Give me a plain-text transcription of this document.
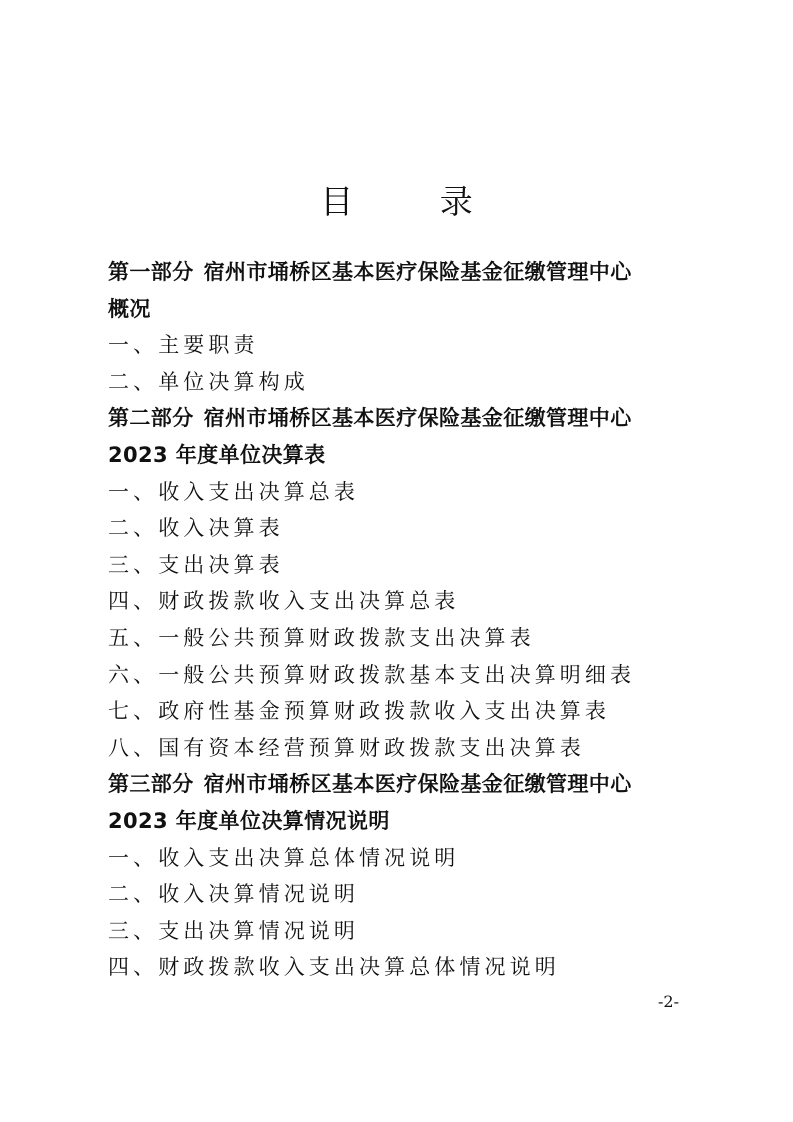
目 录
第一部分 宿州市埇桥区基本医疗保险基金征缴管理中心
概况
一、主要职责
二、单位决算构成
第二部分 宿州市埇桥区基本医疗保险基金征缴管理中心
2023 年度单位决算表
一、收入支出决算总表
二、收入决算表
三、支出决算表
四、财政拨款收入支出决算总表
五、一般公共预算财政拨款支出决算表
六、一般公共预算财政拨款基本支出决算明细表
七、政府性基金预算财政拨款收入支出决算表
八、国有资本经营预算财政拨款支出决算表
第三部分 宿州市埇桥区基本医疗保险基金征缴管理中心
2023 年度单位决算情况说明
一、收入支出决算总体情况说明
二、收入决算情况说明
三、支出决算情况说明
四、财政拨款收入支出决算总体情况说明
-2-
